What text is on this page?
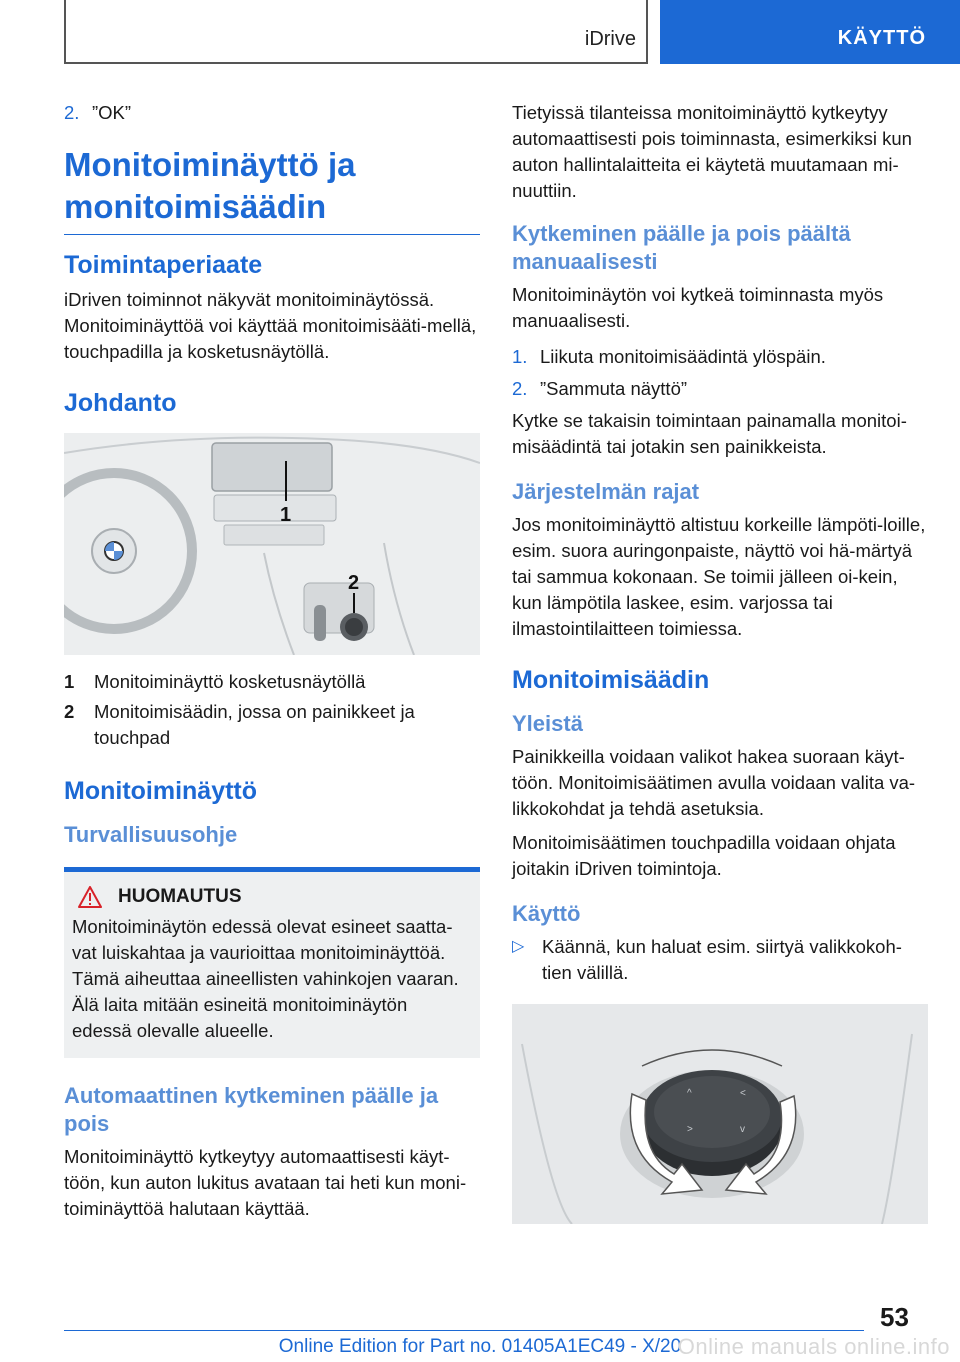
iDrive	KÄYTTÖ
2. ”OK”
Monitoiminäyttö ja monitoimisäädin
Toimintaperiaate

iDriven toiminnot näkyvät monitoiminäytössä. Monitoiminäyttöä voi käyttää monitoimisääti-mellä, touchpadilla ja kosketusnäytöllä.

Johdanto
1
2
1	Monitoiminäyttö kosketusnäytöllä
2	Monitoimisäädin, jossa on painikkeet ja touchpad
Monitoiminäyttö
Turvallisuusohje
HUOMAUTUS

Monitoiminäytön edessä olevat esineet saatta-vat luiskahtaa ja vaurioittaa monitoiminäyttöä. Tämä aiheuttaa aineellisten vahinkojen vaaran. Älä laita mitään esineitä monitoiminäytön edessä olevalle alueelle.

Automaattinen kytkeminen päälle ja pois

Monitoiminäyttö kytkeytyy automaattisesti käyt-töön, kun auton lukitus avataan tai heti kun moni-toiminäyttöä halutaan käyttää.

Tietyissä tilanteissa monitoiminäyttö kytkeytyy automaattisesti pois toiminnasta, esimerkiksi kun auton hallintalaitteita ei käytetä muutamaan mi-nuuttiin.

Kytkeminen päälle ja pois päältä manuaalisesti

Monitoiminäytön voi kytkeä toiminnasta myös manuaalisesti.

1. Liikuta monitoimisäädintä ylöspäin.
2. ”Sammuta näyttö”

Kytke se takaisin toimintaan painamalla monitoi-misäädintä tai jotakin sen painikkeista.

Järjestelmän rajat

Jos monitoiminäyttö altistuu korkeille lämpöti-loille, esim. suora auringonpaiste, näyttö voi hä-märtyä tai sammua kokonaan. Se toimii jälleen oi-kein, kun lämpötila laskee, esim. varjossa tai ilmastointilaitteen toimiessa.

Monitoimisäädin
Yleistä

Painikkeilla voidaan valikot hakea suoraan käyt-töön. Monitoimisäätimen avulla voidaan valita va-likkokohdat ja tehdä asetuksia.

Monitoimisäätimen touchpadilla voidaan ohjata joitakin iDriven toimintoja.

Käyttö
▷ Käännä, kun haluat esim. siirtyä valikkokoh-tien välillä.
^	<
>	v
53
Online Edition for Part no. 01405A1EC49 - X/20
Online manuals online.info
